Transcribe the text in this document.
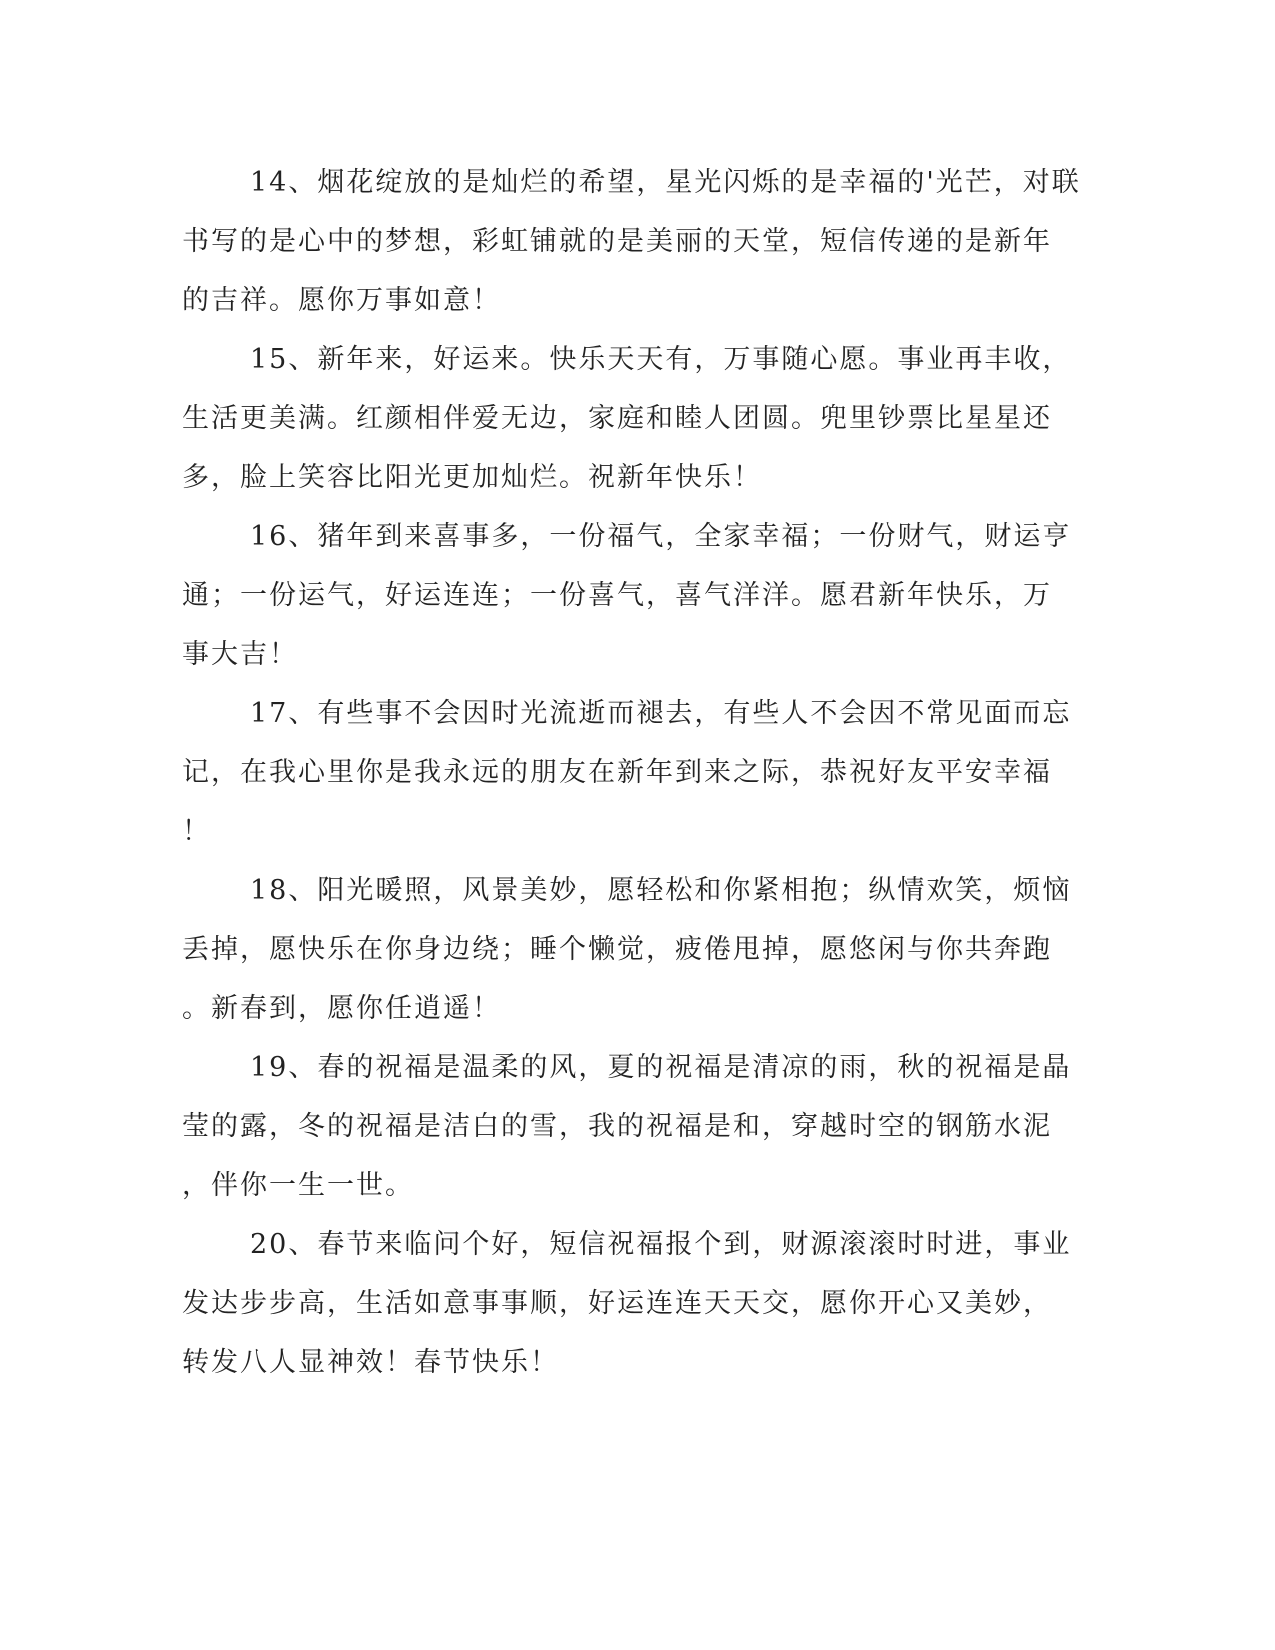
14、烟花绽放的是灿烂的希望，星光闪烁的是幸福的'光芒，对联
书写的是心中的梦想，彩虹铺就的是美丽的天堂，短信传递的是新年
的吉祥。愿你万事如意！
15、新年来，好运来。快乐天天有，万事随心愿。事业再丰收，
生活更美满。红颜相伴爱无边，家庭和睦人团圆。兜里钞票比星星还
多，脸上笑容比阳光更加灿烂。祝新年快乐！
16、猪年到来喜事多，一份福气，全家幸福；一份财气，财运亨
通；一份运气，好运连连；一份喜气，喜气洋洋。愿君新年快乐，万
事大吉！
17、有些事不会因时光流逝而褪去，有些人不会因不常见面而忘
记，在我心里你是我永远的朋友在新年到来之际，恭祝好友平安幸福
！
18、阳光暖照，风景美妙，愿轻松和你紧相抱；纵情欢笑，烦恼
丢掉，愿快乐在你身边绕；睡个懒觉，疲倦甩掉，愿悠闲与你共奔跑
。新春到，愿你任逍遥！
19、春的祝福是温柔的风，夏的祝福是清凉的雨，秋的祝福是晶
莹的露，冬的祝福是洁白的雪，我的祝福是和，穿越时空的钢筋水泥
，伴你一生一世。
20、春节来临问个好，短信祝福报个到，财源滚滚时时进，事业
发达步步高，生活如意事事顺，好运连连天天交，愿你开心又美妙，
转发八人显神效！春节快乐！
